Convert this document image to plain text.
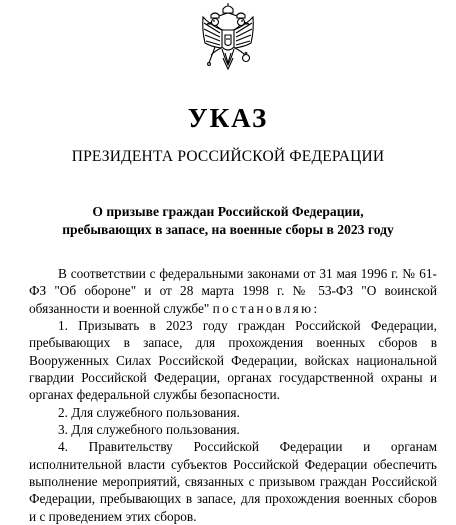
УКАЗ
ПРЕЗИДЕНТА РОССИЙСКОЙ ФЕДЕРАЦИИ
О призыве граждан Российской Федерации,
пребывающих в запасе, на военные сборы в 2023 году

В соответствии с федеральными законами от 31 мая 1996 г. № 61-ФЗ "Об обороне" и от 28 марта 1998 г. № 53-ФЗ "О воинской обязанности и военной службе" постановляю:

1. Призывать в 2023 году граждан Российской Федерации, пребывающих в запасе, для прохождения военных сборов в Вооруженных Силах Российской Федерации, войсках национальной гвардии Российской Федерации, органах государственной охраны и органах федеральной службы безопасности.

2. Для служебного пользования.

3. Для служебного пользования.

4. Правительству Российской Федерации и органам исполнительной власти субъектов Российской Федерации обеспечить выполнение мероприятий, связанных с призывом граждан Российской Федерации, пребывающих в запасе, для прохождения военных сборов и с проведением этих сборов.
